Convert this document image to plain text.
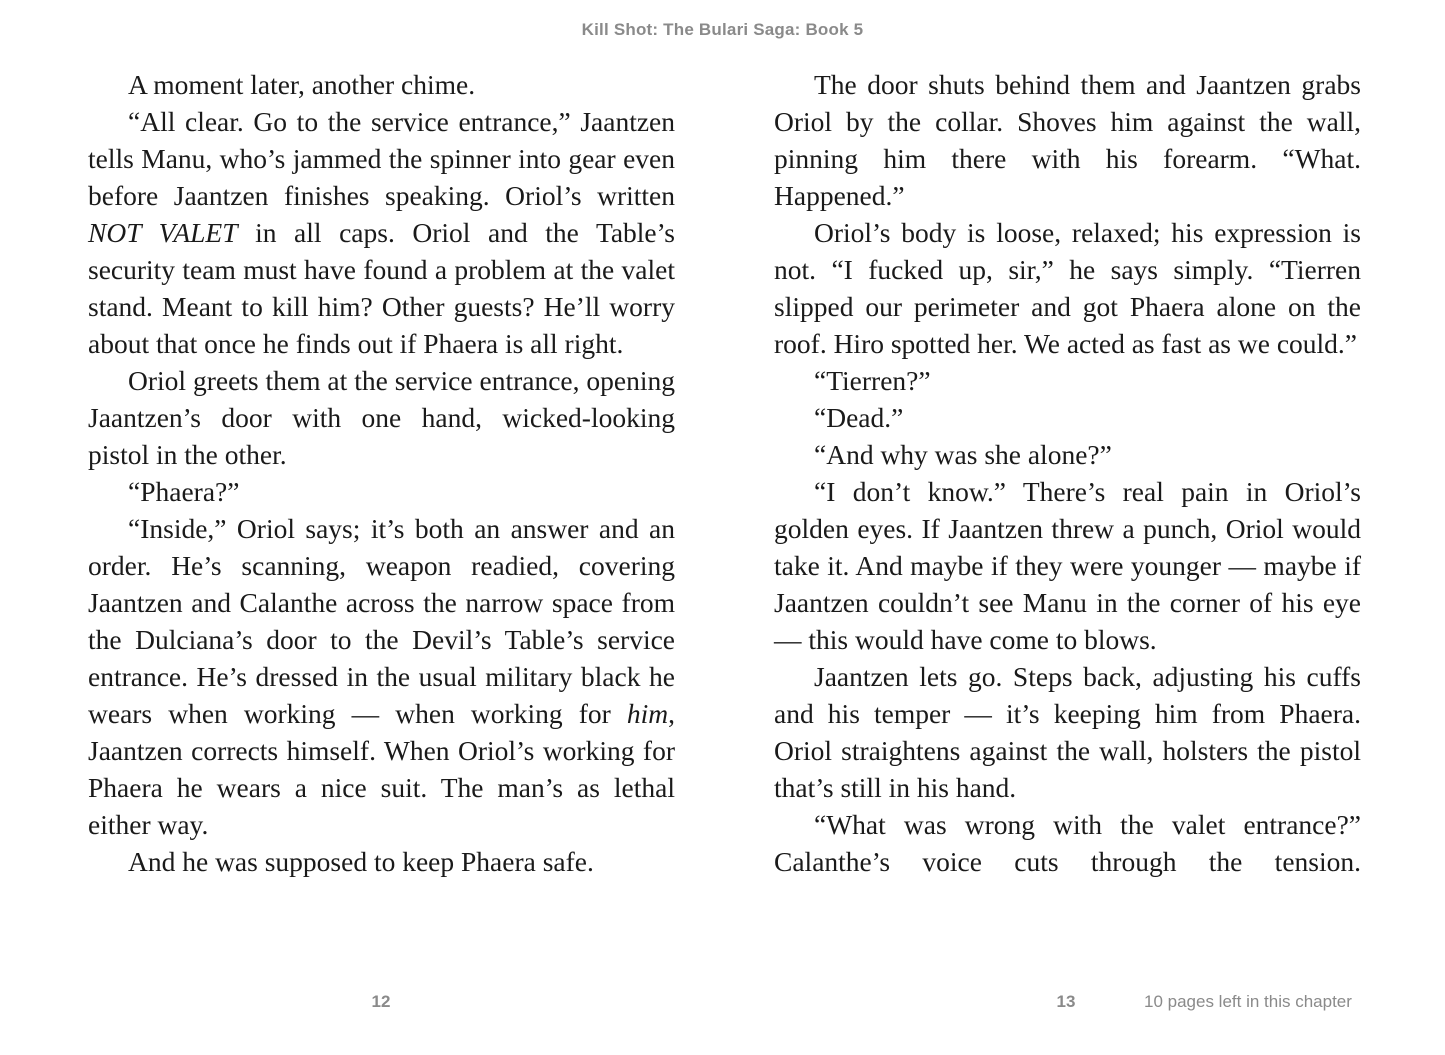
Kill Shot: The Bulari Saga: Book 5

A moment later, another chime.

“All clear. Go to the service entrance,” Jaantzen tells Manu, who’s jammed the spinner into gear even before Jaantzen finishes speaking. Oriol’s written NOT VALET in all caps. Oriol and the Table’s security team must have found a problem at the valet stand. Meant to kill him? Other guests? He’ll worry about that once he finds out if Phaera is all right.

Oriol greets them at the service entrance, opening Jaantzen’s door with one hand, wicked-looking pistol in the other.

“Phaera?”

“Inside,” Oriol says; it’s both an answer and an order. He’s scanning, weapon readied, covering Jaantzen and Calanthe across the narrow space from the Dulciana’s door to the Devil’s Table’s service entrance. He’s dressed in the usual military black he wears when working — when working for him, Jaantzen corrects himself. When Oriol’s working for Phaera he wears a nice suit. The man’s as lethal either way.

And he was supposed to keep Phaera safe.

The door shuts behind them and Jaantzen grabs Oriol by the collar. Shoves him against the wall, pinning him there with his forearm. “What. Happened.”

Oriol’s body is loose, relaxed; his expression is not. “I fucked up, sir,” he says simply. “Tierren slipped our perimeter and got Phaera alone on the roof. Hiro spotted her. We acted as fast as we could.”

“Tierren?”

“Dead.”

“And why was she alone?”

“I don’t know.” There’s real pain in Oriol’s golden eyes. If Jaantzen threw a punch, Oriol would take it. And maybe if they were younger — maybe if Jaantzen couldn’t see Manu in the corner of his eye — this would have come to blows.

Jaantzen lets go. Steps back, adjusting his cuffs and his temper — it’s keeping him from Phaera. Oriol straightens against the wall, holsters the pistol that’s still in his hand.

“What was wrong with the valet entrance?” Calanthe’s voice cuts through the tension.

12	13	10 pages left in this chapter
